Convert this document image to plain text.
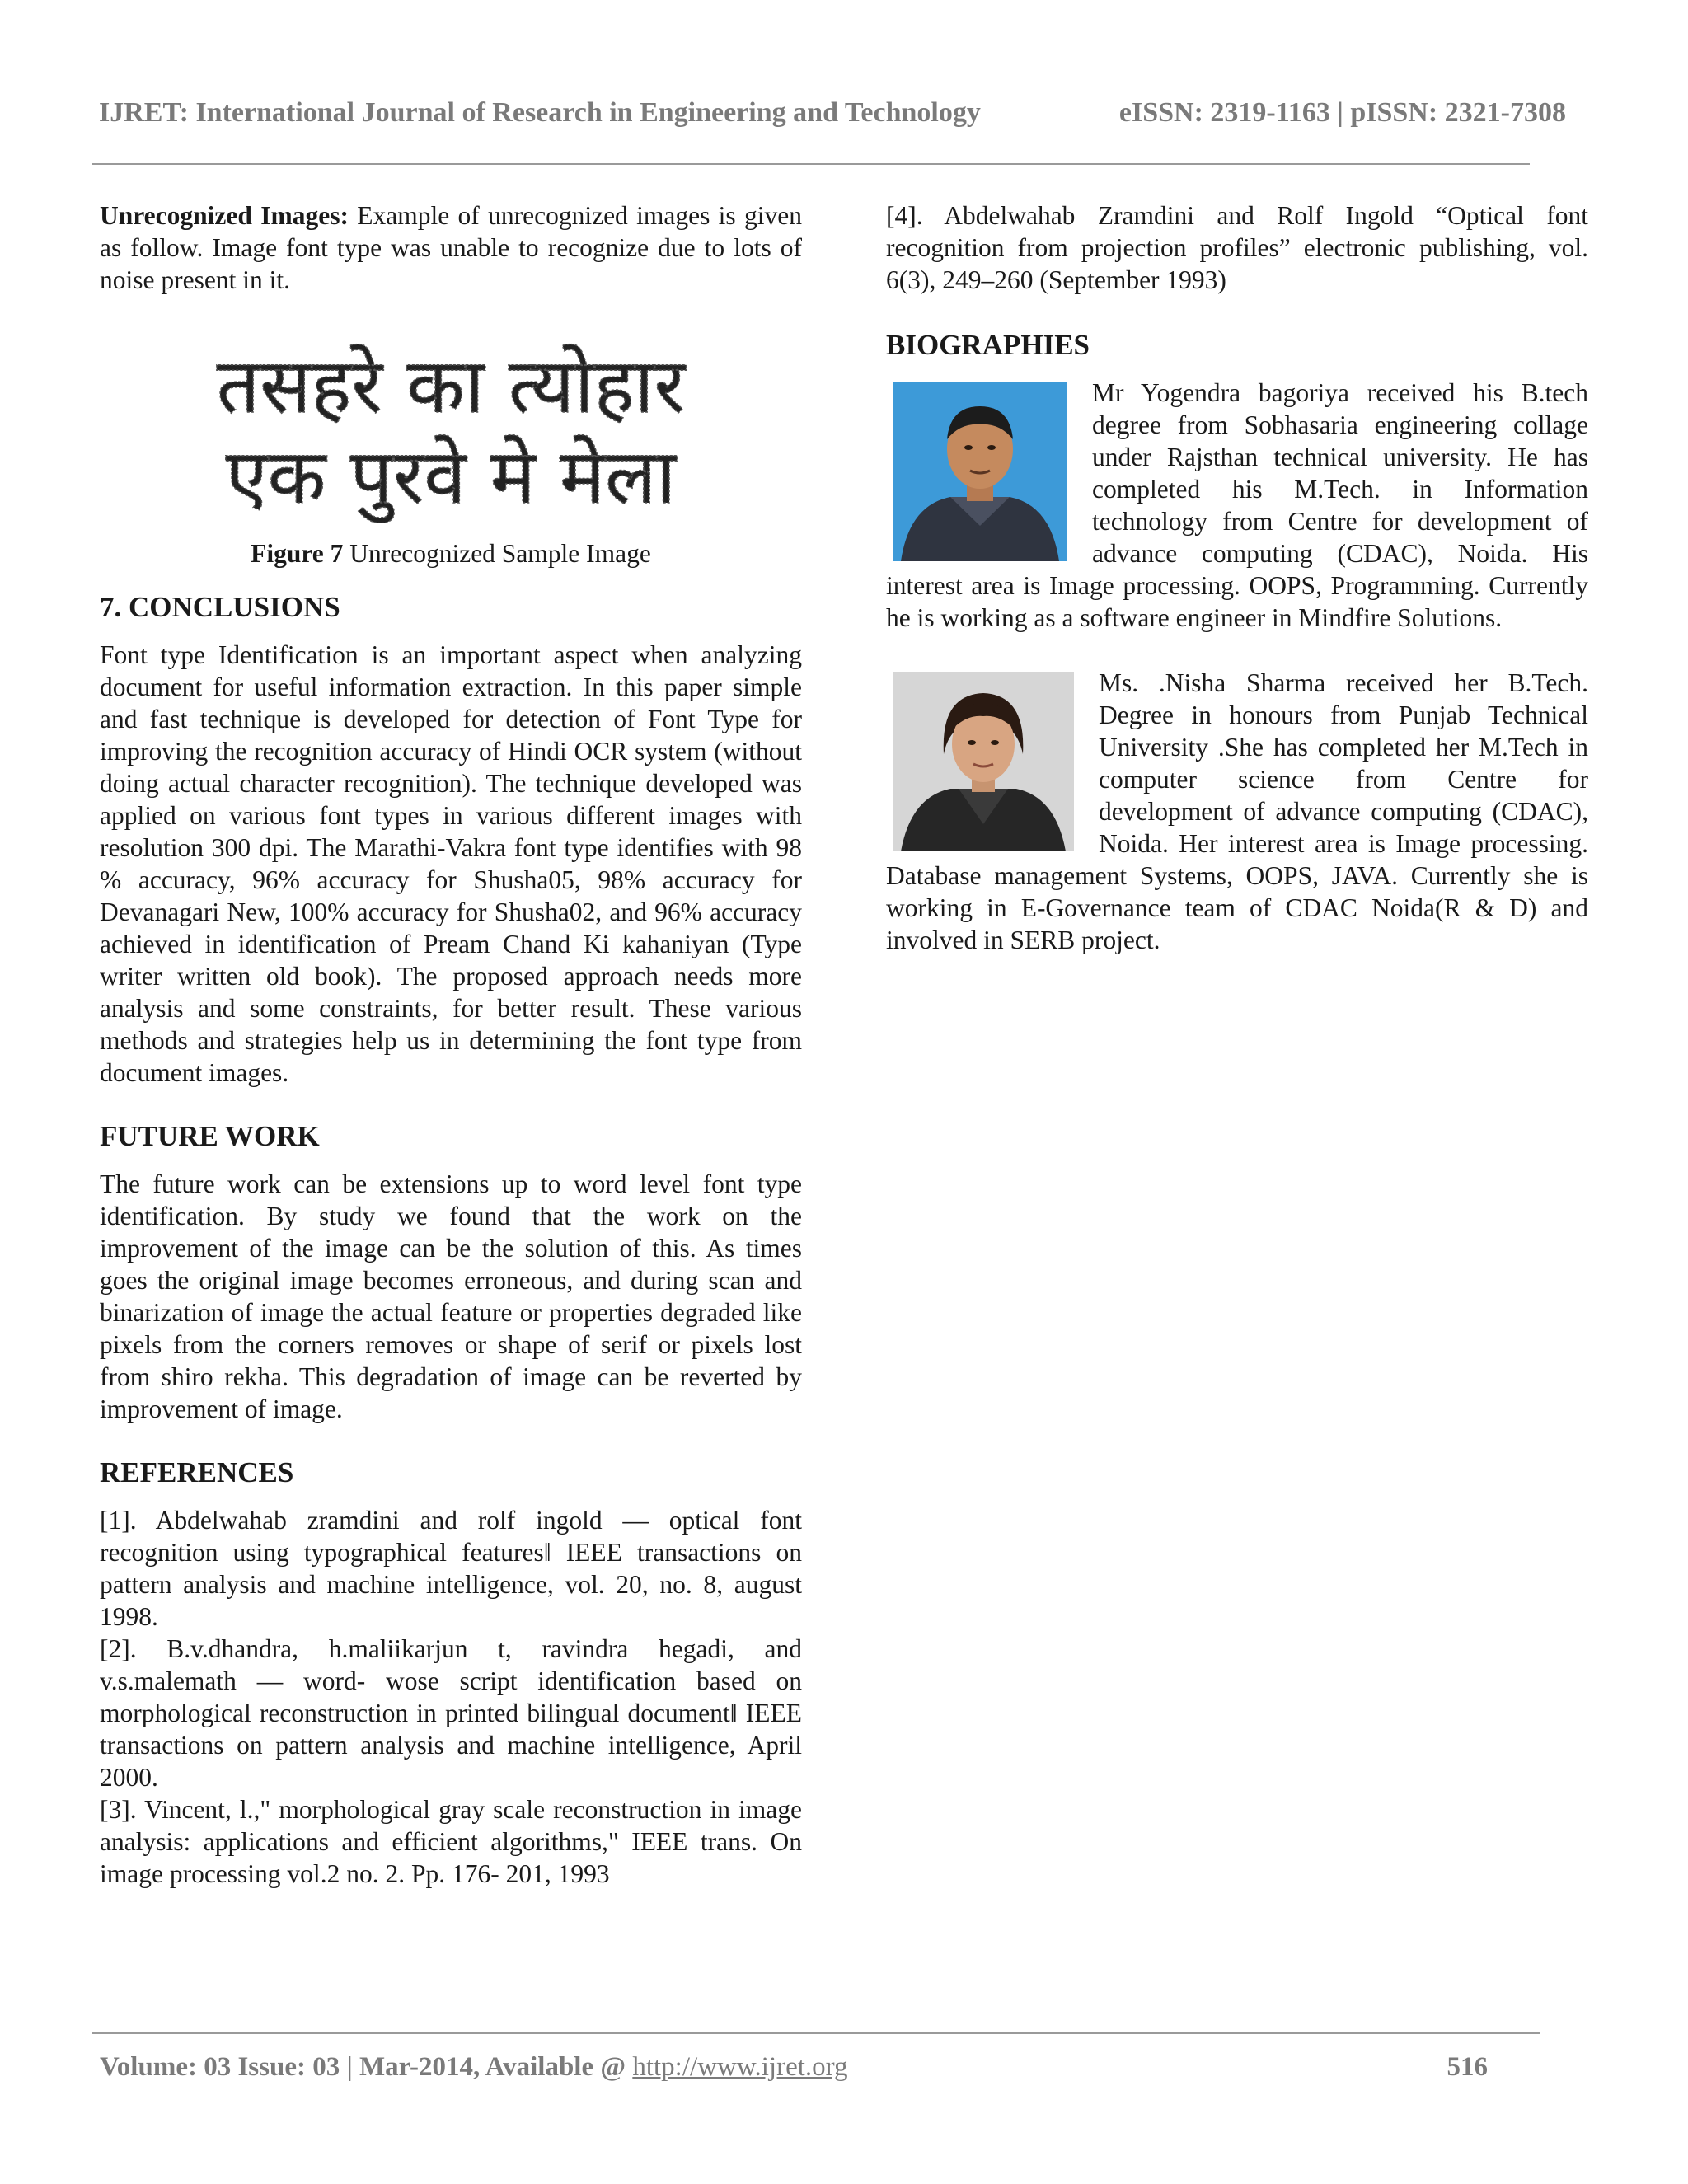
IJRET: International Journal of Research in Engineering and Technology	eISSN: 2319-1163 | pISSN: 2321-7308

Unrecognized Images: Example of unrecognized images is given as follow. Image font type was unable to recognize due to lots of noise present in it.

तसहरे का त्योहार
एक पुरवे मे मेला

Figure 7 Unrecognized Sample Image

7. CONCLUSIONS

Font type Identification is an important aspect when analyzing document for useful information extraction. In this paper simple and fast technique is developed for detection of Font Type for improving the recognition accuracy of Hindi OCR system (without doing actual character recognition). The technique developed was applied on various font types in various different images with resolution 300 dpi. The Marathi-Vakra font type identifies with 98 % accuracy, 96% accuracy for Shusha05, 98% accuracy for Devanagari New, 100% accuracy for Shusha02, and 96% accuracy achieved in identification of Pream Chand Ki kahaniyan (Type writer written old book). The proposed approach needs more analysis and some constraints, for better result. These various methods and strategies help us in determining the font type from document images.

FUTURE WORK

The future work can be extensions up to word level font type identification. By study we found that the work on the improvement of the image can be the solution of this. As times goes the original image becomes erroneous, and during scan and binarization of image the actual feature or properties degraded like pixels from the corners removes or shape of serif or pixels lost from shiro rekha. This degradation of image can be reverted by improvement of image.

REFERENCES

[1]. Abdelwahab zramdini and rolf ingold ― optical font recognition using typographical features‖ IEEE transactions on pattern analysis and machine intelligence, vol. 20, no. 8, august 1998.

[2]. B.v.dhandra, h.maliikarjun t, ravindra hegadi, and v.s.malemath ― word- wose script identification based on morphological reconstruction in printed bilingual document‖ IEEE transactions on pattern analysis and machine intelligence, April 2000.

[3]. Vincent, l.," morphological gray scale reconstruction in image analysis: applications and efficient algorithms," IEEE trans. On image processing vol.2 no. 2. Pp. 176- 201, 1993

[4]. Abdelwahab Zramdini and Rolf Ingold “Optical font recognition from projection profiles” electronic publishing, vol. 6(3), 249–260 (September 1993)

BIOGRAPHIES

Mr Yogendra bagoriya received his B.tech degree from Sobhasaria engineering collage under Rajsthan technical university. He has completed his M.Tech. in Information technology from Centre for development of advance computing (CDAC), Noida. His interest area is Image processing. OOPS, Programming. Currently he is working as a software engineer in Mindfire Solutions.

Ms. .Nisha Sharma received her B.Tech. Degree in honours from Punjab Technical University .She has completed her M.Tech in computer science from Centre for development of advance computing (CDAC), Noida. Her interest area is Image processing. Database management Systems, OOPS, JAVA. Currently she is working in E-Governance team of CDAC Noida(R & D) and involved in SERB project.

Volume: 03 Issue: 03 | Mar-2014, Available @ http://www.ijret.org	516
